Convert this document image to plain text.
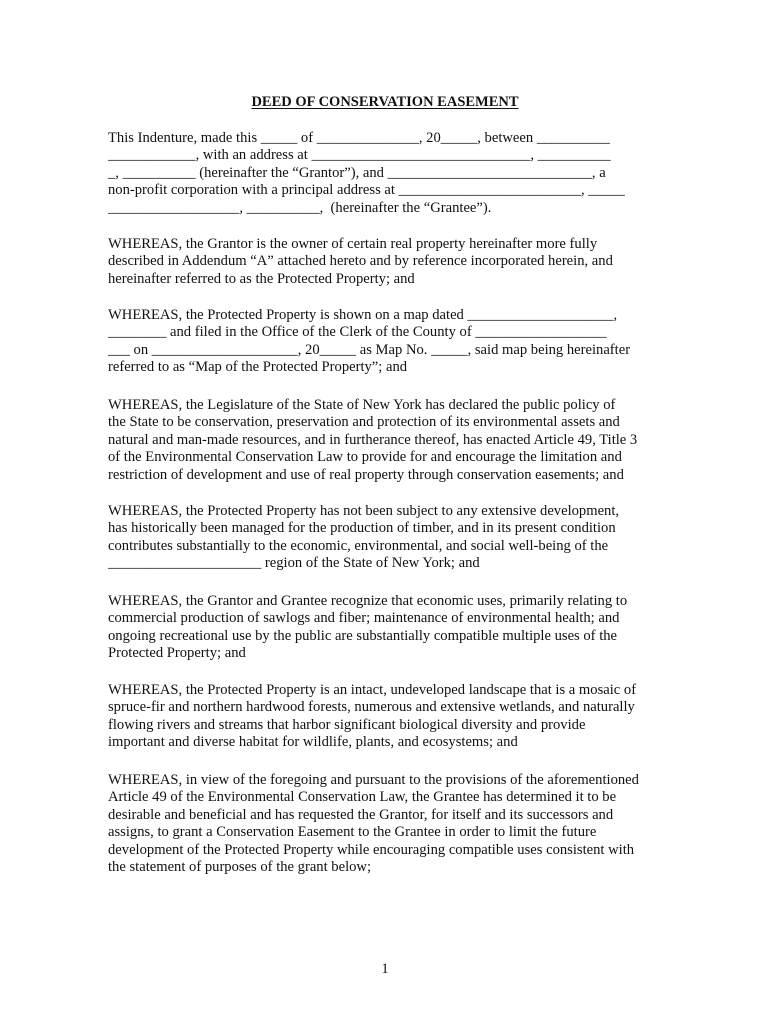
DEED OF CONSERVATION EASEMENT

This Indenture, made this _____ of ______________, 20_____, between __________
____________, with an address at ______________________________, __________
_, __________ (hereinafter the “Grantor”), and ____________________________, a
non-profit corporation with a principal address at _________________________, _____
__________________, __________,  (hereinafter the “Grantee”).

WHEREAS, the Grantor is the owner of certain real property hereinafter more fully
described in Addendum “A” attached hereto and by reference incorporated herein, and
hereinafter referred to as the Protected Property; and

WHEREAS, the Protected Property is shown on a map dated ____________________,
________ and filed in the Office of the Clerk of the County of __________________
___ on ____________________, 20_____ as Map No. _____, said map being hereinafter
referred to as “Map of the Protected Property”; and

WHEREAS, the Legislature of the State of New York has declared the public policy of
the State to be conservation, preservation and protection of its environmental assets and
natural and man-made resources, and in furtherance thereof, has enacted Article 49, Title 3
of the Environmental Conservation Law to provide for and encourage the limitation and
restriction of development and use of real property through conservation easements; and

WHEREAS, the Protected Property has not been subject to any extensive development,
has historically been managed for the production of timber, and in its present condition
contributes substantially to the economic, environmental, and social well-being of the
_____________________ region of the State of New York; and

WHEREAS, the Grantor and Grantee recognize that economic uses, primarily relating to
commercial production of sawlogs and fiber; maintenance of environmental health; and
ongoing recreational use by the public are substantially compatible multiple uses of the
Protected Property; and

WHEREAS, the Protected Property is an intact, undeveloped landscape that is a mosaic of
spruce-fir and northern hardwood forests, numerous and extensive wetlands, and naturally
flowing rivers and streams that harbor significant biological diversity and provide
important and diverse habitat for wildlife, plants, and ecosystems; and

WHEREAS, in view of the foregoing and pursuant to the provisions of the aforementioned
Article 49 of the Environmental Conservation Law, the Grantee has determined it to be
desirable and beneficial and has requested the Grantor, for itself and its successors and
assigns, to grant a Conservation Easement to the Grantee in order to limit the future
development of the Protected Property while encouraging compatible uses consistent with
the statement of purposes of the grant below;

1
